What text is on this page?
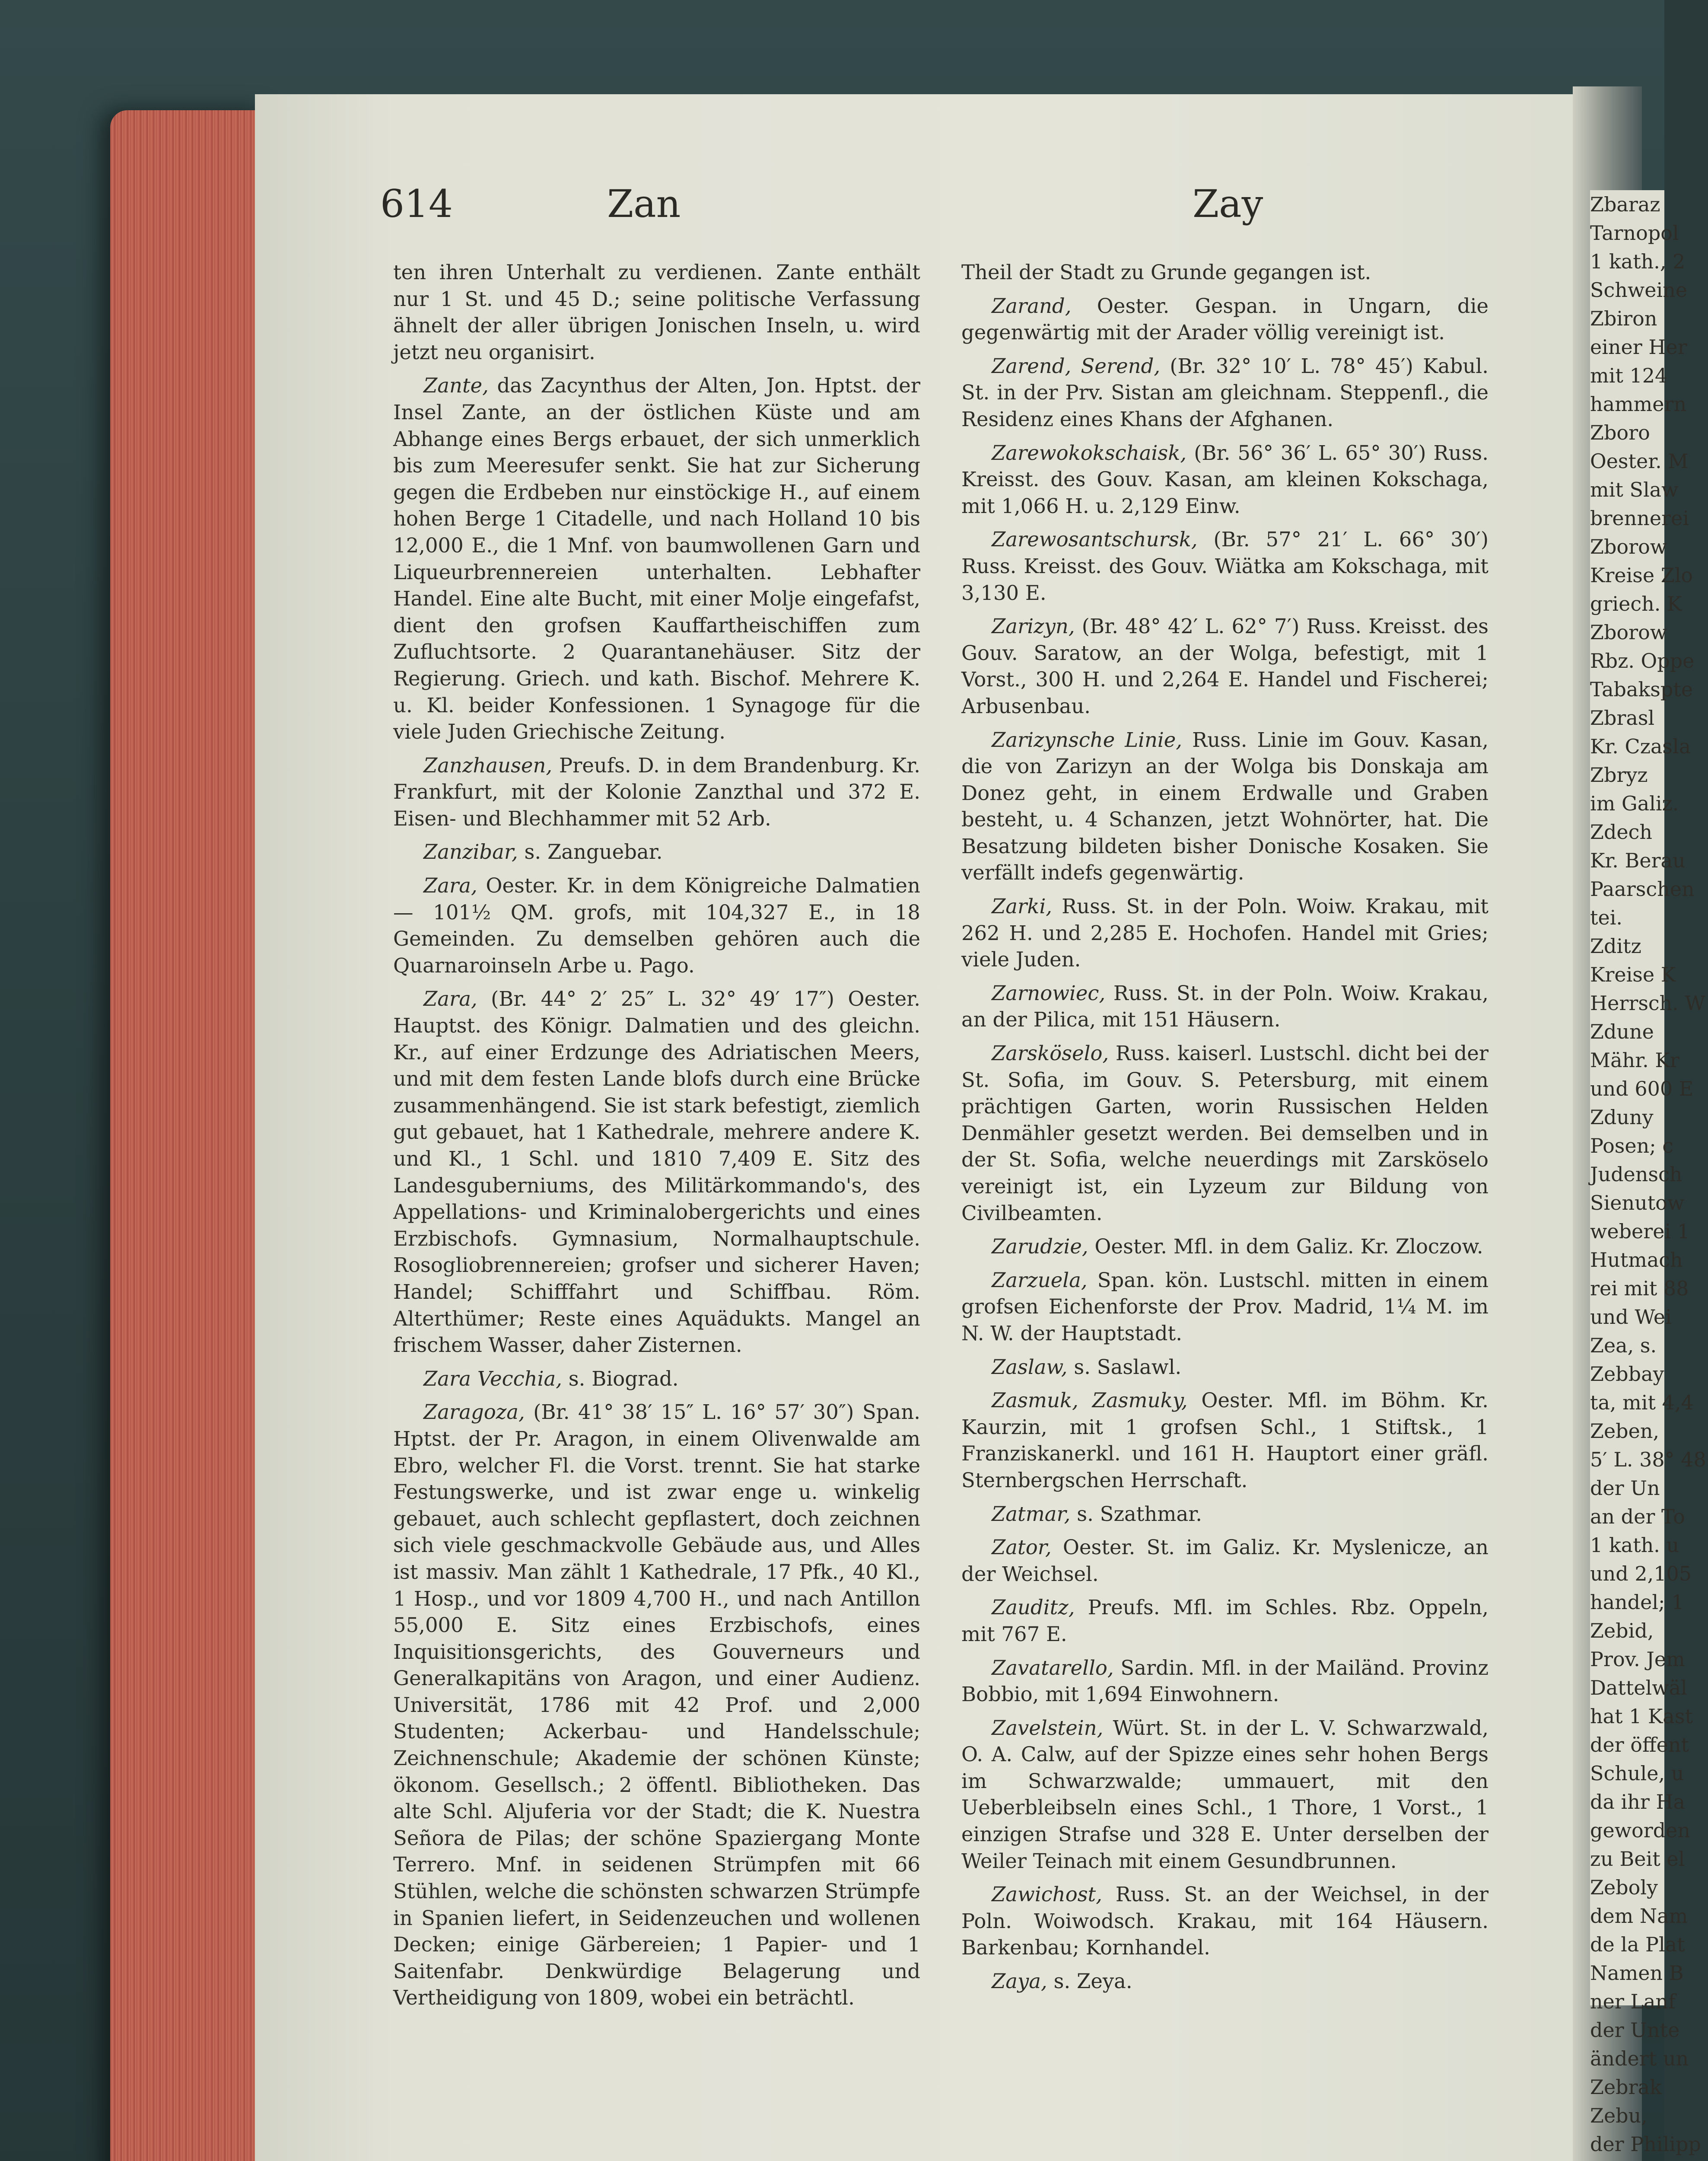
Zbaraz

Tarnopol

1 kath., 2

Schweine

Zbiron

einer Her

mit 124

hammern

Zboro

Oester. M

mit Slaw

brennerei

Zborow

Kreise Zlo

griech. K

Zborow

Rbz. Oppe

Tabakspte

Zbrasl

Kr. Czasla

Zbryz

im Galiz.

Zdech

Kr. Berau

Paarschen

tei.

Zditz

Kreise K

Herrsch. W

Zdune

Mähr. Kr

und 600 E

Zduny

Posen; c

Judensch

Sienutow

weberei 1

Hutmach

rei mit 88

und Wei

Zea, s.

Zebbay

ta, mit 4,4

Zeben,

5′ L. 38° 48

der Un

an der To

1 kath. u

und 2,105

handel; 1

Zebid,

Prov. Jem

Dattelwäl

hat 1 Kast

der öffent

Schule, u

da ihr Ha

geworden

zu Beit el

Zeboly

dem Nam

de la Plat

Namen B

ner Lanf

der Unte

ändert un

Zebrak

Zebu,

der Philipp

614	Zan	Zay

ten ihren Unterhalt zu verdienen. Zante enthält nur 1 St. und 45 D.; seine politische Verfassung ähnelt der aller übrigen Jonischen Inseln, u. wird jetzt neu organisirt.

Zante, das Zacynthus der Alten, Jon. Hptst. der Insel Zante, an der östlichen Küste und am Abhange eines Bergs erbauet, der sich unmerklich bis zum Meeresufer senkt. Sie hat zur Sicherung gegen die Erdbeben nur einstöckige H., auf einem hohen Berge 1 Citadelle, und nach Holland 10 bis 12,000 E., die 1 Mnf. von baumwollenen Garn und Liqueurbrennereien unterhalten. Lebhafter Handel. Eine alte Bucht, mit einer Molje eingefafst, dient den grofsen Kauffartheischiffen zum Zufluchtsorte. 2 Quarantanehäuser. Sitz der Regierung. Griech. und kath. Bischof. Mehrere K. u. Kl. beider Konfessionen. 1 Synagoge für die viele Juden Griechische Zeitung.

Zanzhausen, Preufs. D. in dem Brandenburg. Kr. Frankfurt, mit der Kolonie Zanzthal und 372 E. Eisen- und Blechhammer mit 52 Arb.

Zanzibar, s. Zanguebar.

Zara, Oester. Kr. in dem Königreiche Dalmatien — 101½ QM. grofs, mit 104,327 E., in 18 Gemeinden. Zu demselben gehören auch die Quarnaroinseln Arbe u. Pago.

Zara, (Br. 44° 2′ 25″ L. 32° 49′ 17″) Oester. Hauptst. des Königr. Dalmatien und des gleichn. Kr., auf einer Erdzunge des Adriatischen Meers, und mit dem festen Lande blofs durch eine Brücke zusammenhängend. Sie ist stark befestigt, ziemlich gut gebauet, hat 1 Kathedrale, mehrere andere K. und Kl., 1 Schl. und 1810 7,409 E. Sitz des Landesguberniums, des Militärkommando's, des Appellations- und Kriminalobergerichts und eines Erzbischofs. Gymnasium, Normalhauptschule. Rosogliobrennereien; grofser und sicherer Haven; Handel; Schifffahrt und Schiffbau. Röm. Alterthümer; Reste eines Aquädukts. Mangel an frischem Wasser, daher Zisternen.

Zara Vecchia, s. Biograd.

Zaragoza, (Br. 41° 38′ 15″ L. 16° 57′ 30″) Span. Hptst. der Pr. Aragon, in einem Olivenwalde am Ebro, welcher Fl. die Vorst. trennt. Sie hat starke Festungswerke, und ist zwar enge u. winkelig gebauet, auch schlecht gepflastert, doch zeichnen sich viele geschmackvolle Gebäude aus, und Alles ist massiv. Man zählt 1 Kathedrale, 17 Pfk., 40 Kl., 1 Hosp., und vor 1809 4,700 H., und nach Antillon 55,000 E. Sitz eines Erzbischofs, eines Inquisitionsgerichts, des Gouverneurs und Generalkapitäns von Aragon, und einer Audienz. Universität, 1786 mit 42 Prof. und 2,000 Studenten; Ackerbau- und Handelsschule; Zeichnenschule; Akademie der schönen Künste; ökonom. Gesellsch.; 2 öffentl. Bibliotheken. Das alte Schl. Aljuferia vor der Stadt; die K. Nuestra Señora de Pilas; der schöne Spaziergang Monte Terrero. Mnf. in seidenen Strümpfen mit 66 Stühlen, welche die schönsten schwarzen Strümpfe in Spanien liefert, in Seidenzeuchen und wollenen Decken; einige Gärbereien; 1 Papier- und 1 Saitenfabr. Denkwürdige Belagerung und Vertheidigung von 1809, wobei ein beträchtl.

Theil der Stadt zu Grunde gegangen ist.

Zarand, Oester. Gespan. in Ungarn, die gegenwärtig mit der Arader völlig vereinigt ist.

Zarend, Serend, (Br. 32° 10′ L. 78° 45′) Kabul. St. in der Prv. Sistan am gleichnam. Steppenfl., die Residenz eines Khans der Afghanen.

Zarewokokschaisk, (Br. 56° 36′ L. 65° 30′) Russ. Kreisst. des Gouv. Kasan, am kleinen Kokschaga, mit 1,066 H. u. 2,129 Einw.

Zarewosantschursk, (Br. 57° 21′ L. 66° 30′) Russ. Kreisst. des Gouv. Wiätka am Kokschaga, mit 3,130 E.

Zarizyn, (Br. 48° 42′ L. 62° 7′) Russ. Kreisst. des Gouv. Saratow, an der Wolga, befestigt, mit 1 Vorst., 300 H. und 2,264 E. Handel und Fischerei; Arbusenbau.

Zarizynsche Linie, Russ. Linie im Gouv. Kasan, die von Zarizyn an der Wolga bis Donskaja am Donez geht, in einem Erdwalle und Graben besteht, u. 4 Schanzen, jetzt Wohnörter, hat. Die Besatzung bildeten bisher Donische Kosaken. Sie verfällt indefs gegenwärtig.

Zarki, Russ. St. in der Poln. Woiw. Krakau, mit 262 H. und 2,285 E. Hochofen. Handel mit Gries; viele Juden.

Zarnowiec, Russ. St. in der Poln. Woiw. Krakau, an der Pilica, mit 151 Häusern.

Zarsköselo, Russ. kaiserl. Lustschl. dicht bei der St. Sofia, im Gouv. S. Petersburg, mit einem prächtigen Garten, worin Russischen Helden Denmähler gesetzt werden. Bei demselben und in der St. Sofia, welche neuerdings mit Zarsköselo vereinigt ist, ein Lyzeum zur Bildung von Civilbeamten.

Zarudzie, Oester. Mfl. in dem Galiz. Kr. Zloczow.

Zarzuela, Span. kön. Lustschl. mitten in einem grofsen Eichenforste der Prov. Madrid, 1¼ M. im N. W. der Hauptstadt.

Zaslaw, s. Saslawl.

Zasmuk, Zasmuky, Oester. Mfl. im Böhm. Kr. Kaurzin, mit 1 grofsen Schl., 1 Stiftsk., 1 Franziskanerkl. und 161 H. Hauptort einer gräfl. Sternbergschen Herrschaft.

Zatmar, s. Szathmar.

Zator, Oester. St. im Galiz. Kr. Myslenicze, an der Weichsel.

Zauditz, Preufs. Mfl. im Schles. Rbz. Oppeln, mit 767 E.

Zavatarello, Sardin. Mfl. in der Mailänd. Provinz Bobbio, mit 1,694 Einwohnern.

Zavelstein, Würt. St. in der L. V. Schwarzwald, O. A. Calw, auf der Spizze eines sehr hohen Bergs im Schwarzwalde; ummauert, mit den Ueberbleibseln eines Schl., 1 Thore, 1 Vorst., 1 einzigen Strafse und 328 E. Unter derselben der Weiler Teinach mit einem Gesundbrunnen.

Zawichost, Russ. St. an der Weichsel, in der Poln. Woiwodsch. Krakau, mit 164 Häusern. Barkenbau; Kornhandel.

Zaya, s. Zeya.
